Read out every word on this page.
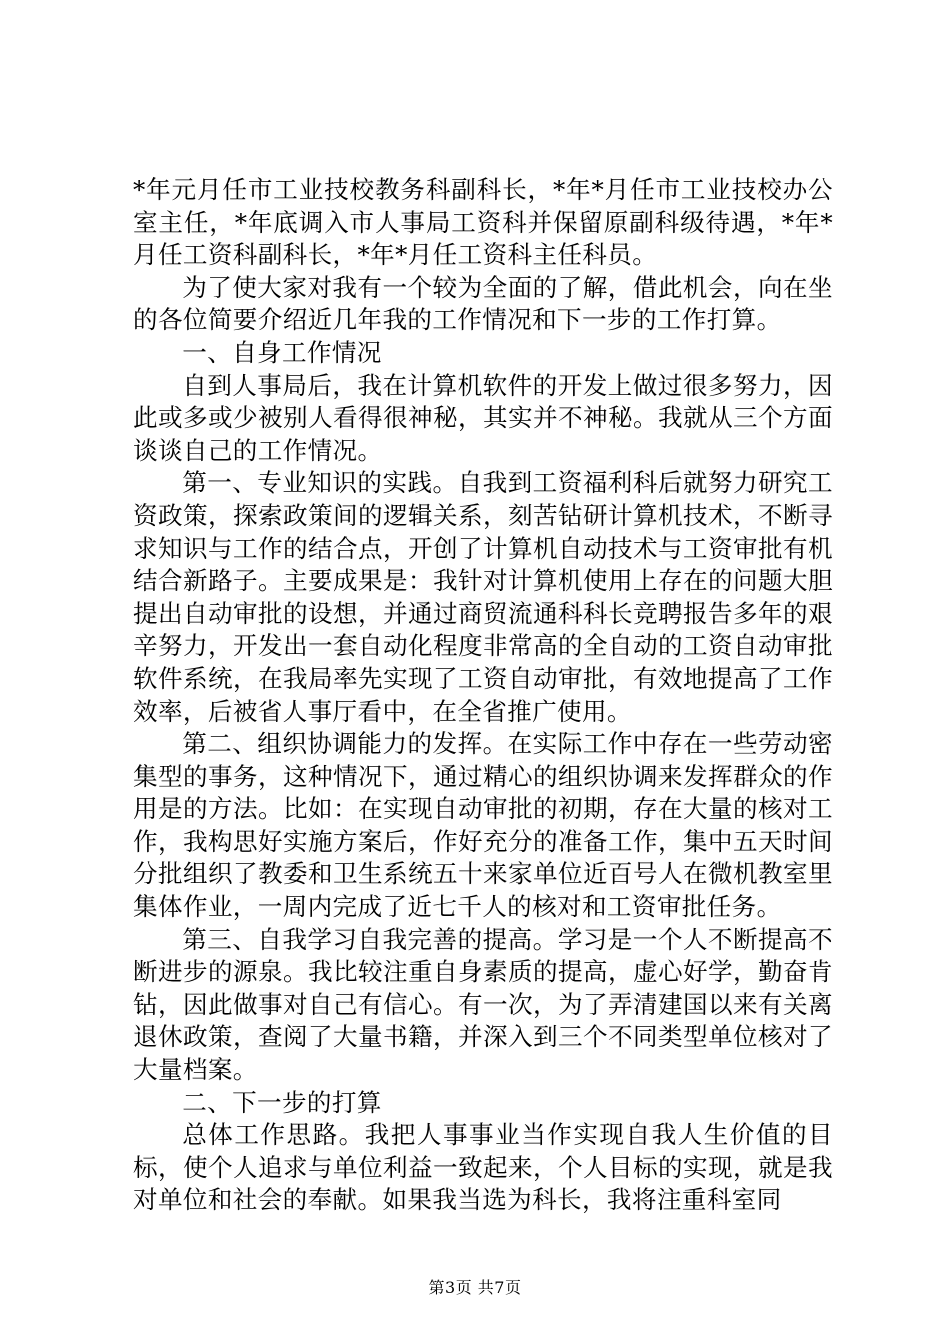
*年元月任市工业技校教务科副科长，*年*月任市工业技校办公室主任，*年底调入市人事局工资科并保留原副科级待遇，*年*月任工资科副科长，*年*月任工资科主任科员。

为了使大家对我有一个较为全面的了解，借此机会，向在坐的各位简要介绍近几年我的工作情况和下一步的工作打算。

一、自身工作情况

自到人事局后，我在计算机软件的开发上做过很多努力，因此或多或少被别人看得很神秘，其实并不神秘。我就从三个方面谈谈自己的工作情况。

第一、专业知识的实践。自我到工资福利科后就努力研究工资政策，探索政策间的逻辑关系，刻苦钻研计算机技术，不断寻求知识与工作的结合点，开创了计算机自动技术与工资审批有机结合新路子。主要成果是：我针对计算机使用上存在的问题大胆提出自动审批的设想，并通过商贸流通科科长竞聘报告多年的艰辛努力，开发出一套自动化程度非常高的全自动的工资自动审批软件系统，在我局率先实现了工资自动审批，有效地提高了工作效率，后被省人事厅看中，在全省推广使用。

第二、组织协调能力的发挥。在实际工作中存在一些劳动密集型的事务，这种情况下，通过精心的组织协调来发挥群众的作用是的方法。比如：在实现自动审批的初期，存在大量的核对工作，我构思好实施方案后，作好充分的准备工作，集中五天时间分批组织了教委和卫生系统五十来家单位近百号人在微机教室里集体作业，一周内完成了近七千人的核对和工资审批任务。

第三、自我学习自我完善的提高。学习是一个人不断提高不断进步的源泉。我比较注重自身素质的提高，虚心好学，勤奋肯钻，因此做事对自己有信心。有一次，为了弄清建国以来有关离退休政策，查阅了大量书籍，并深入到三个不同类型单位核对了大量档案。

二、下一步的打算

总体工作思路。我把人事事业当作实现自我人生价值的目标，使个人追求与单位利益一致起来，个人目标的实现，就是我对单位和社会的奉献。如果我当选为科长，我将注重科室同

第3页 共7页
